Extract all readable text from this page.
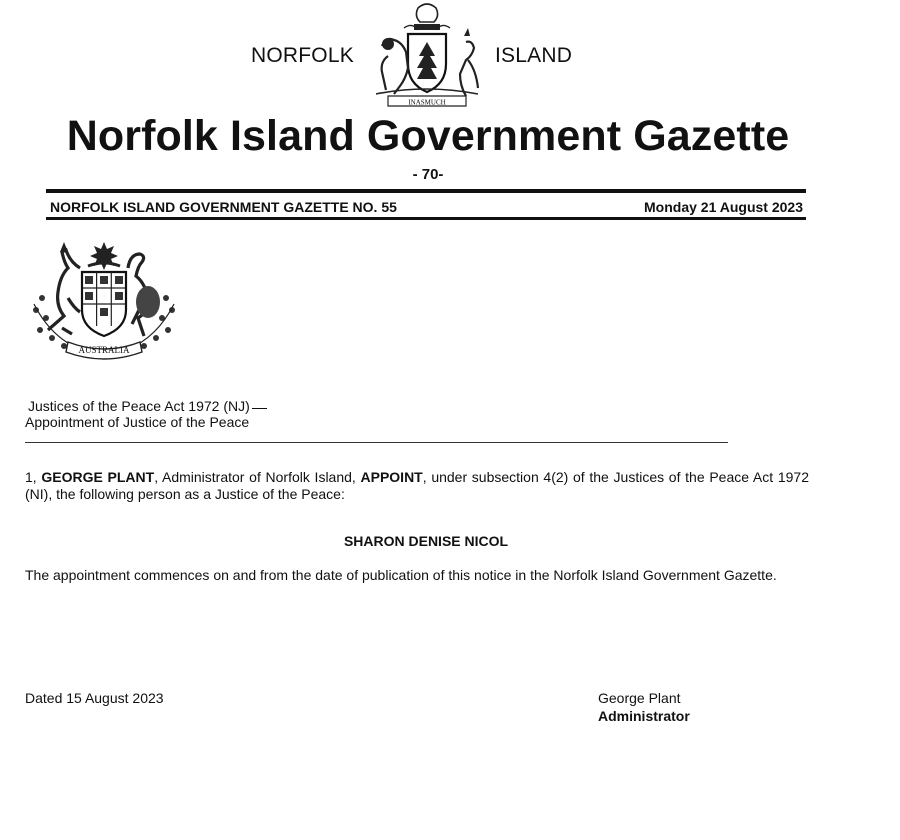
NORFOLK	ISLAND
INASMUCH
Norfolk Island Government Gazette
- 70-
NORFOLK ISLAND GOVERNMENT GAZETTE NO. 55	Monday 21 August 2023
AUSTRALIA
Justices of the Peace Act 1972 (NJ)
Appointment of Justice of the Peace
1, GEORGE PLANT, Administrator of Norfolk Island, APPOINT, under subsection 4(2) of the Justices of the Peace Act 1972 (NI), the following person as a Justice of the Peace:
SHARON DENISE NICOL
The appointment commences on and from the date of publication of this notice in the Norfolk Island Government Gazette.
Dated 15 August 2023	George Plant
Administrator
